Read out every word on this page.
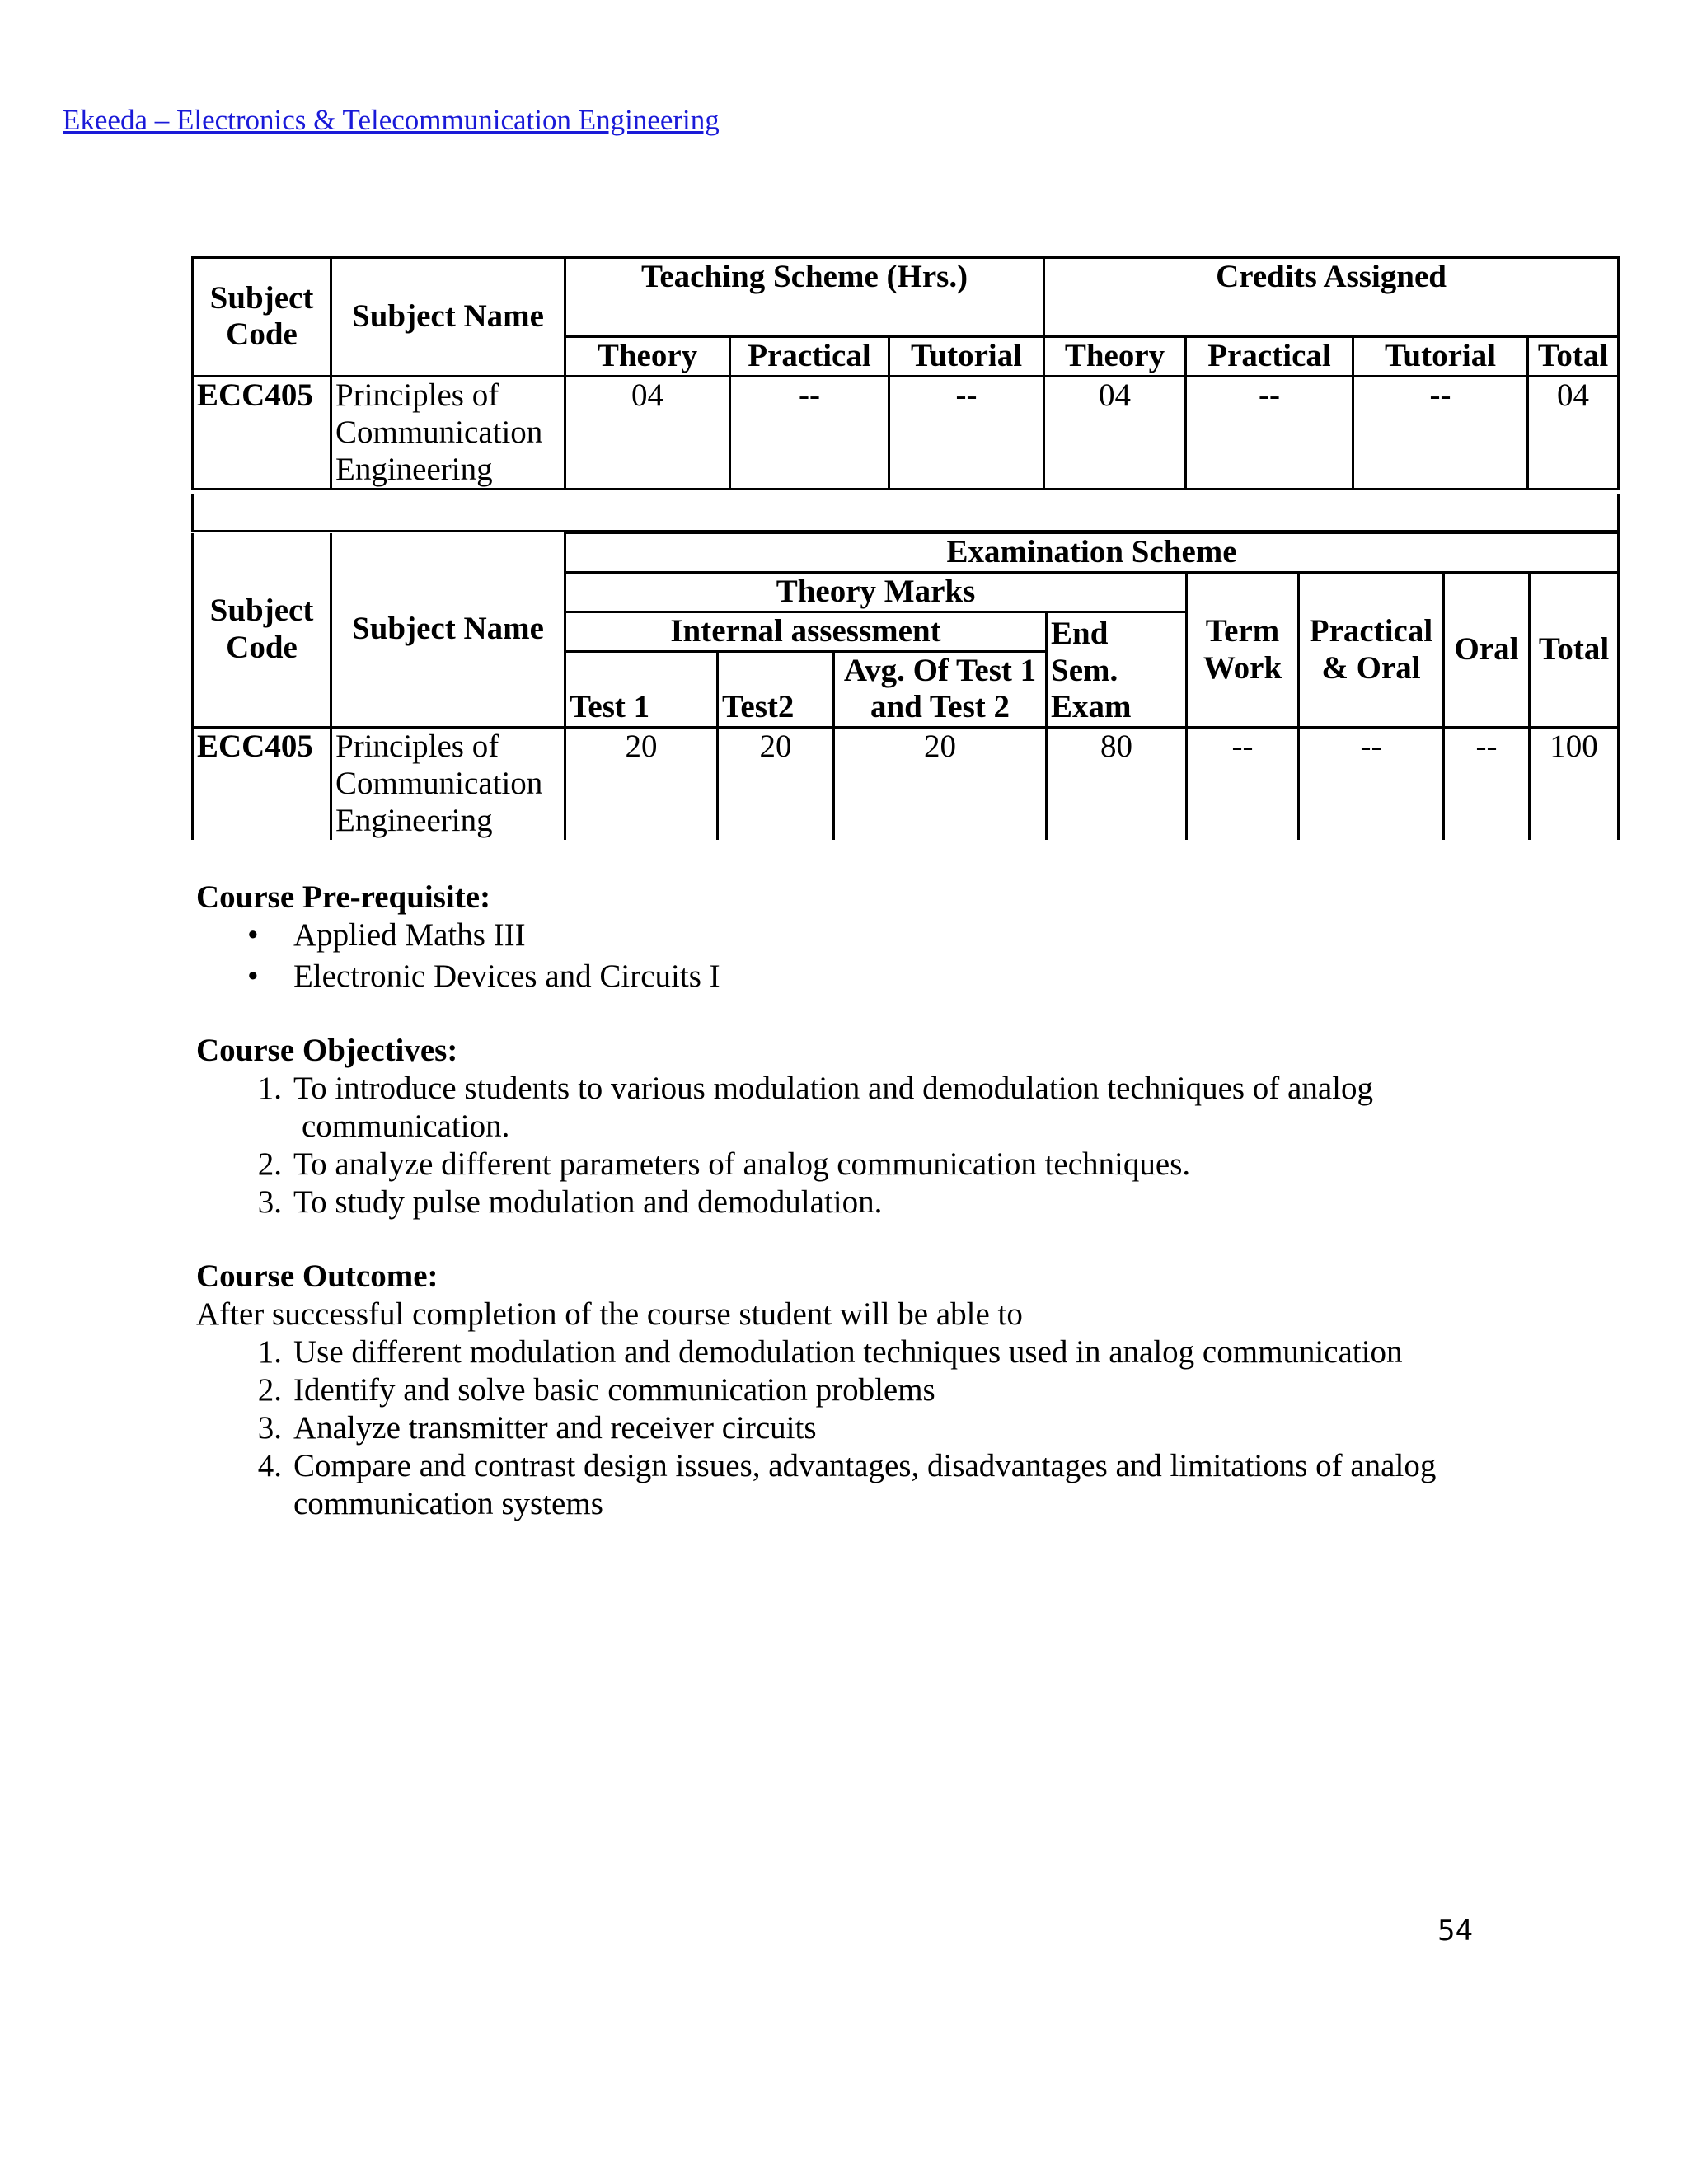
Ekeeda – Electronics & Telecommunication Engineering
Subject Code	Subject Name	Teaching Scheme (Hrs.)			Credits Assigned			
		Theory	Practical	Tutorial	Theory	Practical	Tutorial	Total
ECC405	Principles of Communication Engineering	04	--	--	04	--	--	04
Subject Code	Subject Name	Examination Scheme							
		Theory Marks				Term Work	Practical & Oral	Oral	Total
		Internal assessment			End Sem. Exam				
		Test 1	Test2	Avg. Of Test 1 and Test 2					
ECC405	Principles of Communication Engineering	20	20	20	80	--	--	--	100
Course Pre-requisite:
• Applied Maths III
• Electronic Devices and Circuits I
Course Objectives:
1. To introduce students to various modulation and demodulation techniques of analog
communication.
2. To analyze different parameters of analog communication techniques.
3. To study pulse modulation and demodulation.
Course Outcome:
After successful completion of the course student will be able to
1. Use different modulation and demodulation techniques used in analog communication
2. Identify and solve basic communication problems
3. Analyze transmitter and receiver circuits
4. Compare and contrast design issues, advantages, disadvantages and limitations of analog
communication systems
54
